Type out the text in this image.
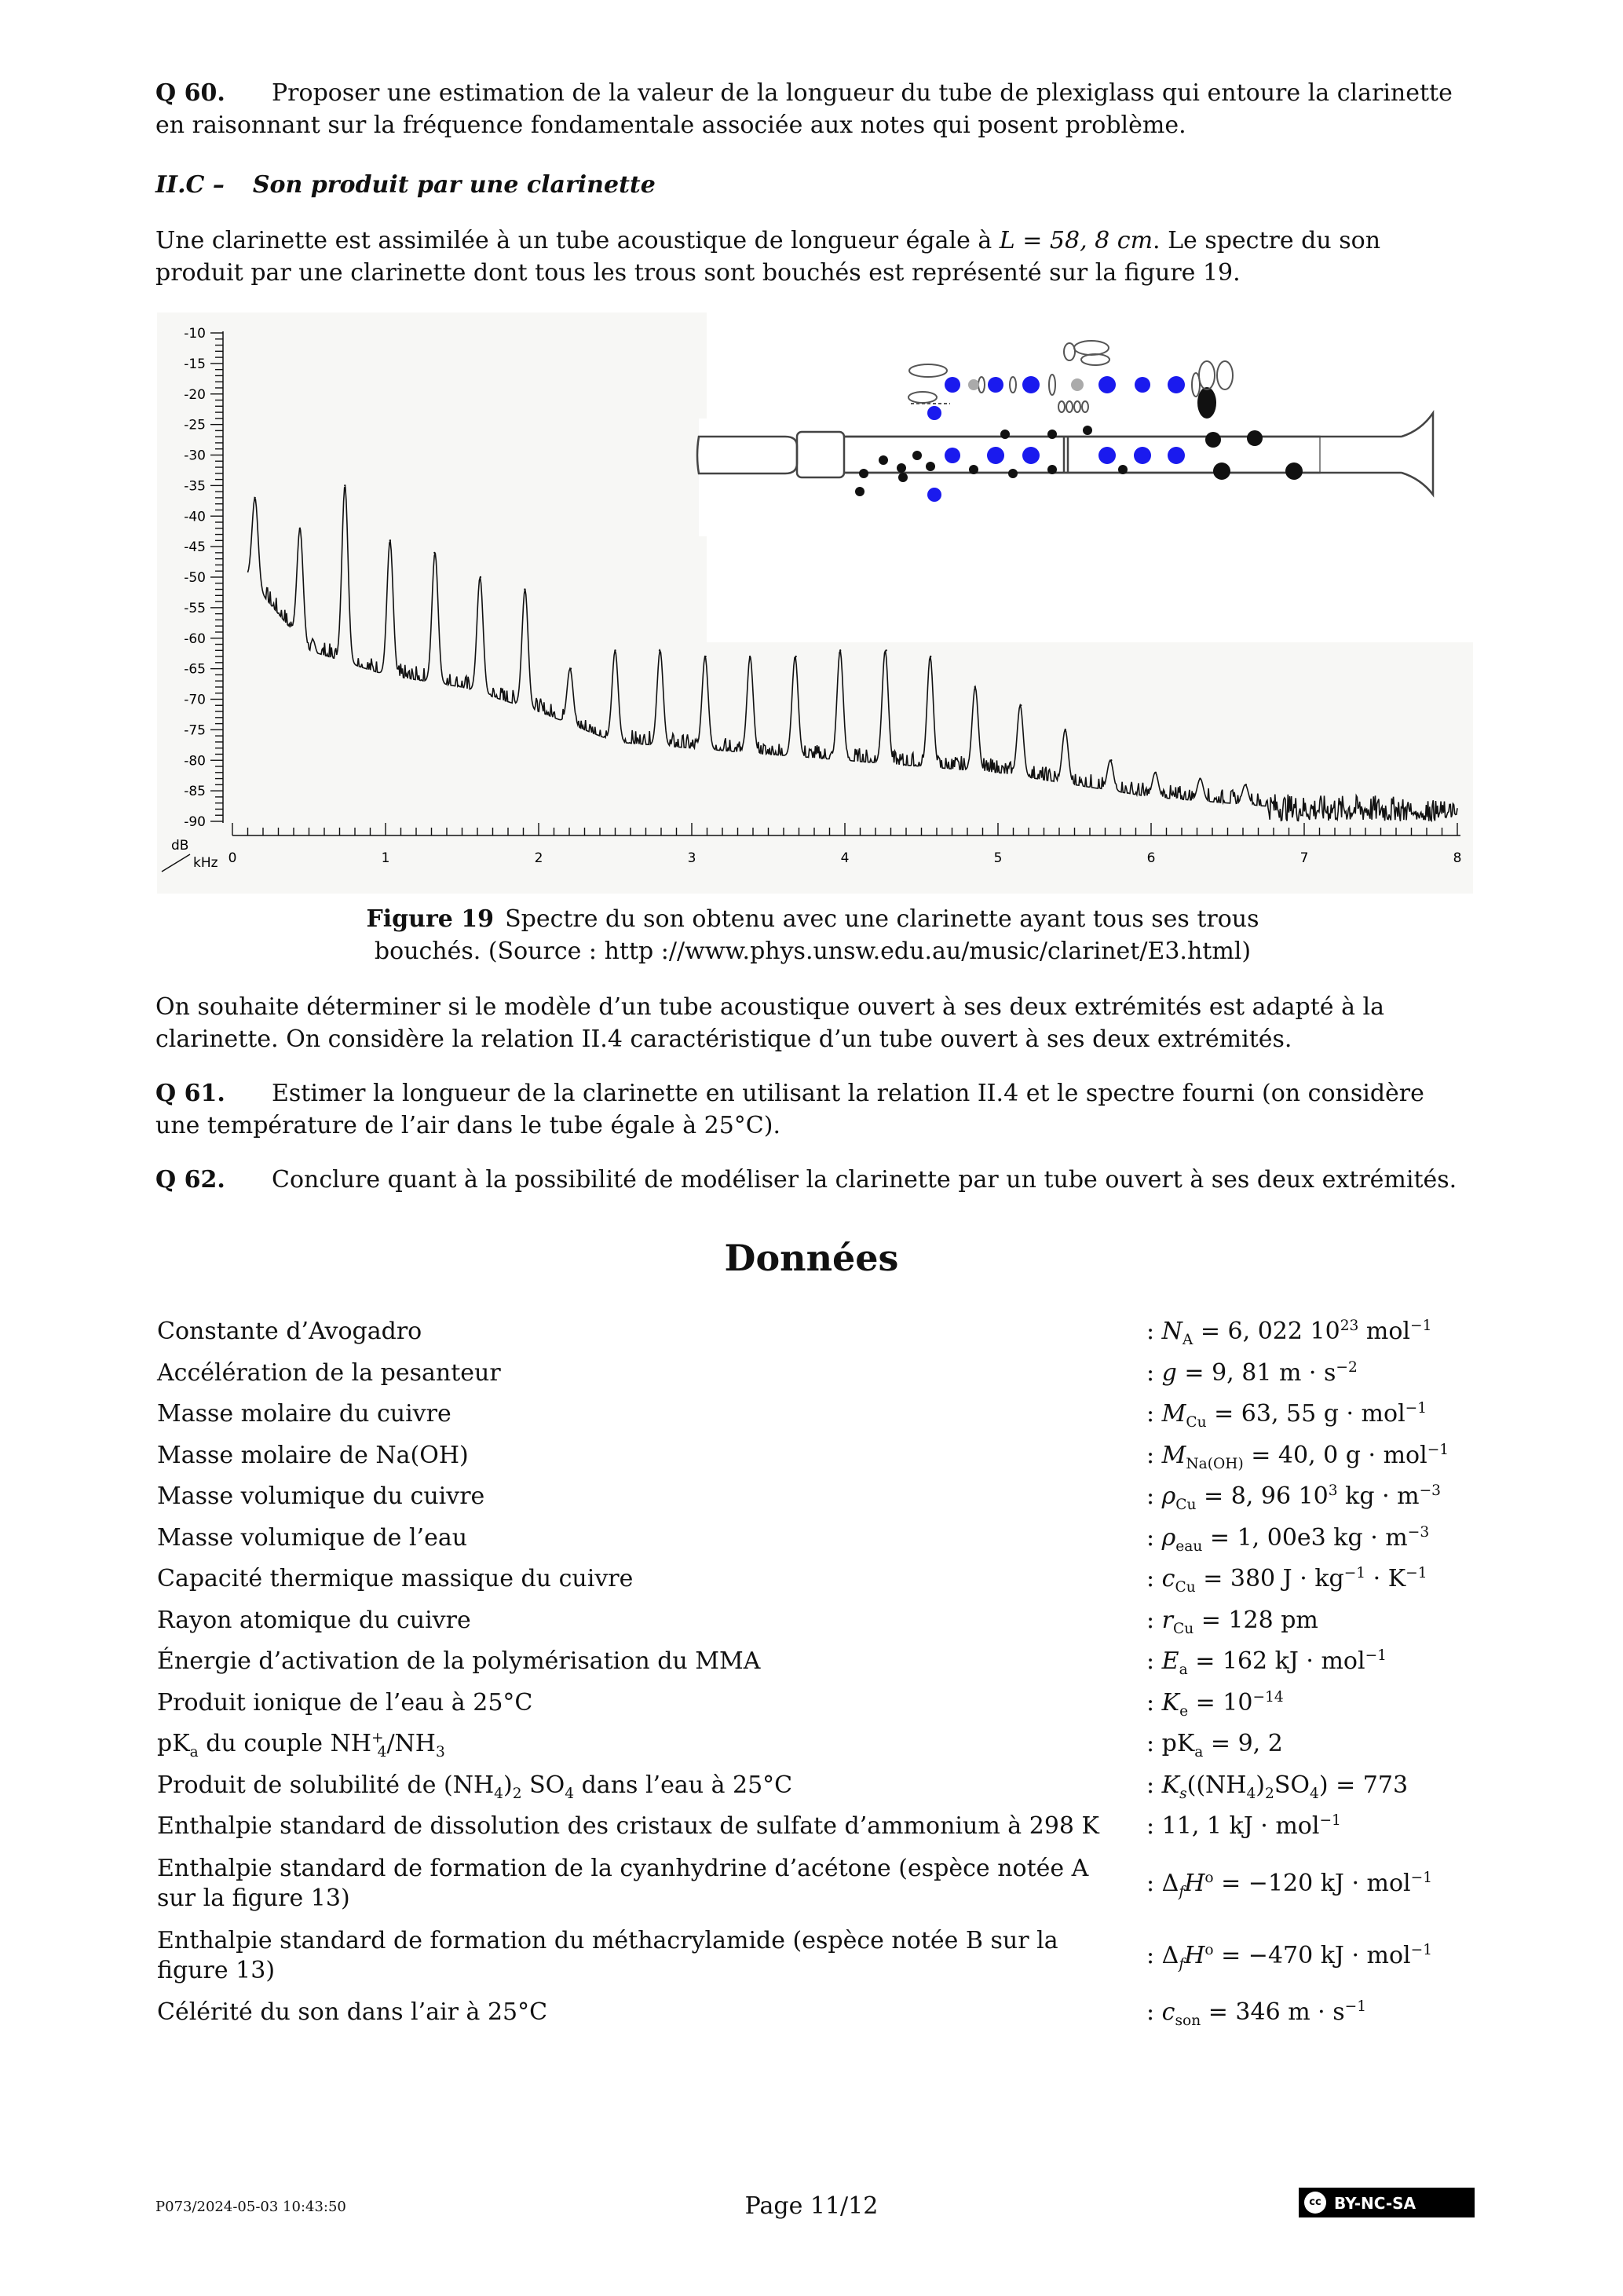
Q 60. Proposer une estimation de la valeur de la longueur du tube de plexiglass qui entoure la clarinette en raisonnant sur la fréquence fondamentale associée aux notes qui posent problème.

II.C – Son produit par une clarinette

Une clarinette est assimilée à un tube acoustique de longueur égale à L = 58, 8 cm. Le spectre du son produit par une clarinette dont tous les trous sont bouchés est représenté sur la figure 19.

-10
-15
-20
-25
-30
-35
-40
-45
-50
-55
-60
-65
-70
-75
-80
-85
-90
0	1	2	3	4	5	6	7	8
dB
kHz
Figure 19 Spectre du son obtenu avec une clarinette ayant tous ses trous bouchés. (Source : http ://www.phys.unsw.edu.au/music/clarinet/E3.html)

On souhaite déterminer si le modèle d’un tube acoustique ouvert à ses deux extrémités est adapté à la clarinette. On considère la relation II.4 caractéristique d’un tube ouvert à ses deux extrémités.

Q 61. Estimer la longueur de la clarinette en utilisant la relation II.4 et le spectre fourni (on considère une température de l’air dans le tube égale à 25°C).

Q 62. Conclure quant à la possibilité de modéliser la clarinette par un tube ouvert à ses deux extrémités.

Données
Constante d’Avogadro	: $N_A = 6$, 022 $10^{23}$ mol$^{-1}$
Accélération de la pesanteur	: g = 9, 81 $m \cdot s^{-2}$
Masse molaire du cuivre	: $M_{Cu} = 63$, 55 g · mol$^{-1}$
Masse molaire de Na(OH)	: $M_{Na(OH)} = 40$, 0 g · mol$^{-1}$
Masse volumique du cuivre	: $\rho_{Cu} = 8$, 96 $10^3$ kg · $m^{-3}$
Masse volumique de l’eau	: $\rho_{eau} = 1$, 00e3 kg · $m^{-3}$
Capacité thermique massique du cuivre	: $c_{Cu} = 380$ $J \cdot kg^{-1} \cdot K^{-1}$
Rayon atomique du cuivre	: $r_{Cu} = 128$ pm
Énergie d’activation de la polymérisation du MMA	: $E_a = 162$ kJ · mol$^{-1}$
Produit ionique de l’eau à 25°C	: $K_e = 10^{-14}$
$pK_a$ du couple $NH^+_4/NH_3$	: $pK_a = 9$, 2
Produit de solubilité de $(NH_4)_2$ $SO_4$ dans l’eau à 25°C	: $K_s((NH_4)_2SO_4) = 773$
Enthalpie standard de dissolution des cristaux de sulfate d’ammonium à 298 K	: 11, 1 kJ · mol$^{-1}$
Enthalpie standard de formation de la cyanhydrine d’acétone (espèce notée A sur la figure 13)	: $\Delta_fH^o = -120$ kJ · mol$^{-1}$
Enthalpie standard de formation du méthacrylamide (espèce notée B sur la figure 13)	: $\Delta_fH^o = -470$ kJ · mol$^{-1}$
Célérité du son dans l’air à 25°C	: $c_{son} = 346$ $m \cdot s^{-1}$
P073/2024-05-03 10:43:50	Page 11/12	cc BY-NC-SA
